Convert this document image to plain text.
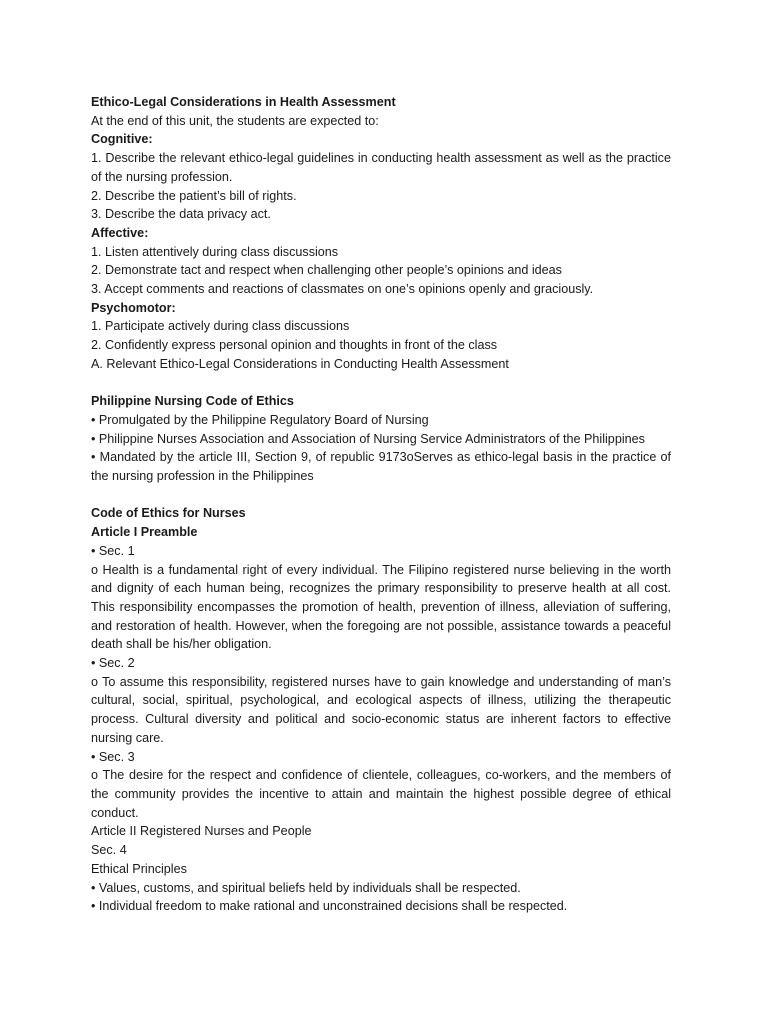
Ethico-Legal Considerations in Health Assessment
At the end of this unit, the students are expected to:
Cognitive:
1. Describe the relevant ethico-legal guidelines in conducting health assessment as well as the practice of the nursing profession.
2. Describe the patient’s bill of rights.
3. Describe the data privacy act.
Affective:
1. Listen attentively during class discussions
2. Demonstrate tact and respect when challenging other people’s opinions and ideas
3. Accept comments and reactions of classmates on one’s opinions openly and graciously.
Psychomotor:
1. Participate actively during class discussions
2. Confidently express personal opinion and thoughts in front of the class
A. Relevant Ethico-Legal Considerations in Conducting Health Assessment
Philippine Nursing Code of Ethics
• Promulgated by the Philippine Regulatory Board of Nursing
• Philippine Nurses Association and Association of Nursing Service Administrators of the Philippines
• Mandated by the article III, Section 9, of republic 9173oServes as ethico-legal basis in the practice of the nursing profession in the Philippines
Code of Ethics for Nurses
Article I Preamble
• Sec. 1
o Health is a fundamental right of every individual. The Filipino registered nurse believing in the worth and dignity of each human being, recognizes the primary responsibility to preserve health at all cost. This responsibility encompasses the promotion of health, prevention of illness, alleviation of suffering, and restoration of health. However, when the foregoing are not possible, assistance towards a peaceful death shall be his/her obligation.
• Sec. 2
o To assume this responsibility, registered nurses have to gain knowledge and understanding of man’s cultural, social, spiritual, psychological, and ecological aspects of illness, utilizing the therapeutic process. Cultural diversity and political and socio-economic status are inherent factors to effective nursing care.
• Sec. 3
o The desire for the respect and confidence of clientele, colleagues, co-workers, and the members of the community provides the incentive to attain and maintain the highest possible degree of ethical conduct.
Article II Registered Nurses and People
Sec. 4
Ethical Principles
• Values, customs, and spiritual beliefs held by individuals shall be respected.
• Individual freedom to make rational and unconstrained decisions shall be respected.
